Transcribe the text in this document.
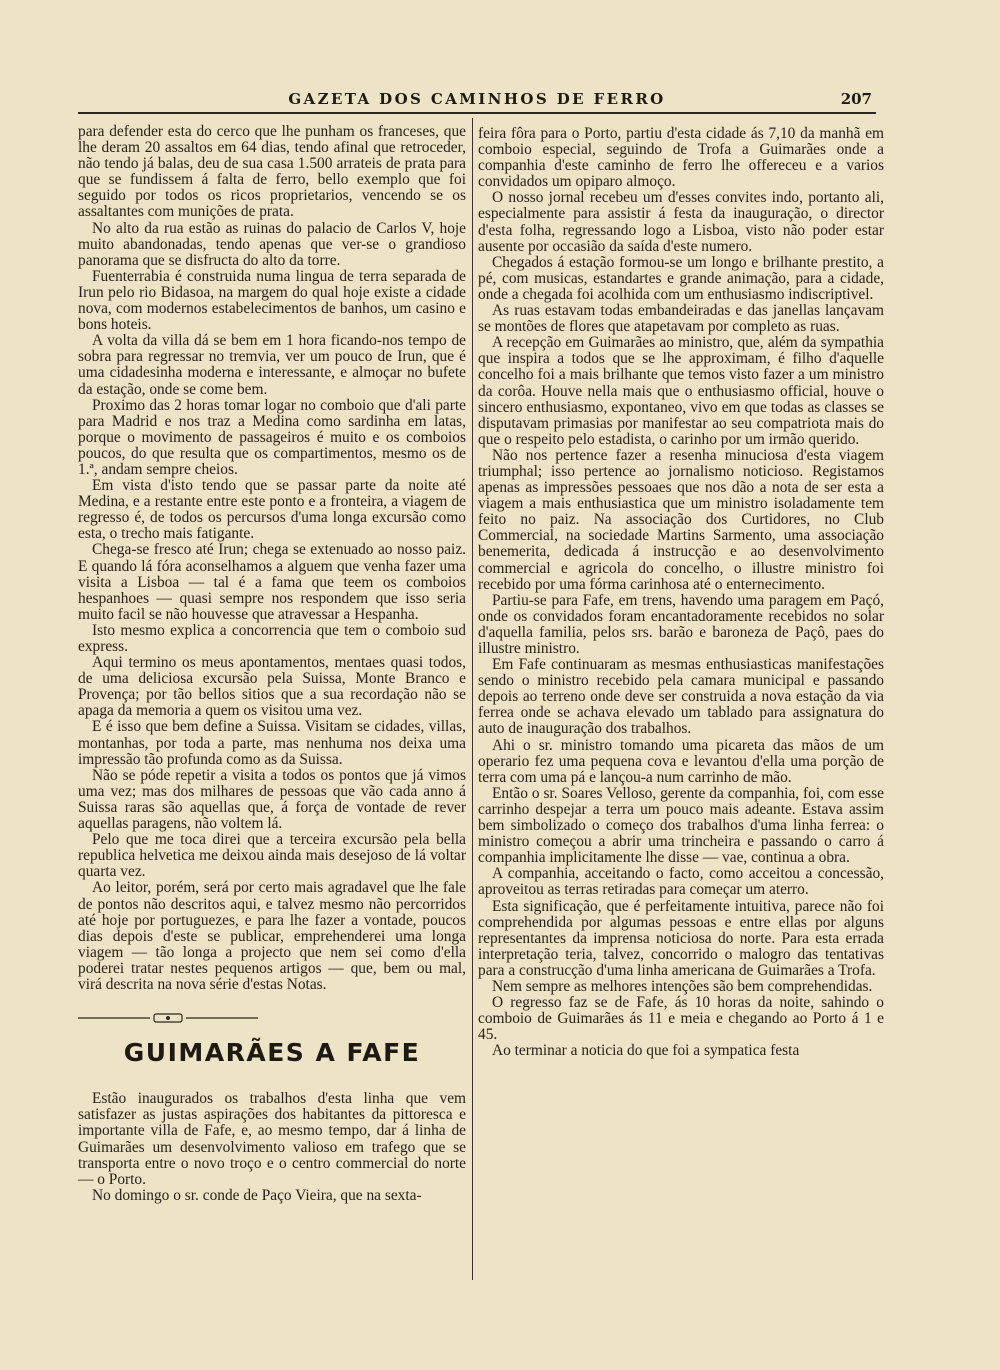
GAZETA DOS CAMINHOS DE FERRO	207

para defender esta do cerco que lhe punham os franceses, que lhe deram 20 assaltos em 64 dias, tendo afinal que retroceder, não tendo já balas, deu de sua casa 1.500 arrateis de prata para que se fundissem á falta de ferro, bello exemplo que foi seguido por todos os ricos proprietarios, vencendo se os assaltantes com munições de prata.

No alto da rua estão as ruinas do palacio de Carlos V, hoje muito abandonadas, tendo apenas que ver-se o grandioso panorama que se disfructa do alto da torre.

Fuenterrabia é construida numa lingua de terra separada de Irun pelo rio Bidasoa, na margem do qual hoje existe a cidade nova, com modernos estabelecimentos de banhos, um casino e bons hoteis.

A volta da villa dá se bem em 1 hora ficando-nos tempo de sobra para regressar no tremvia, ver um pouco de Irun, que é uma cidadesinha moderna e interessante, e almoçar no bufete da estação, onde se come bem.

Proximo das 2 horas tomar logar no comboio que d'ali parte para Madrid e nos traz a Medina como sardinha em latas, porque o movimento de passageiros é muito e os comboios poucos, do que resulta que os compartimentos, mesmo os de 1.ª, andam sempre cheios.

Em vista d'isto tendo que se passar parte da noite até Medina, e a restante entre este ponto e a fronteira, a viagem de regresso é, de todos os percursos d'uma longa excursão como esta, o trecho mais fatigante.

Chega-se fresco até Irun; chega se extenuado ao nosso paiz. E quando lá fóra aconselhamos a alguem que venha fazer uma visita a Lisboa — tal é a fama que teem os comboios hespanhoes — quasi sempre nos respondem que isso seria muito facil se não houvesse que atravessar a Hespanha.

Isto mesmo explica a concorrencia que tem o comboio sud express.

Aqui termino os meus apontamentos, mentaes quasi todos, de uma deliciosa excursão pela Suissa, Monte Branco e Provença; por tão bellos sitios que a sua recordação não se apaga da memoria a quem os visitou uma vez.

E é isso que bem define a Suissa. Visitam se cidades, villas, montanhas, por toda a parte, mas nenhuma nos deixa uma impressão tão profunda como as da Suissa.

Não se póde repetir a visita a todos os pontos que já vimos uma vez; mas dos milhares de pessoas que vão cada anno á Suissa raras são aquellas que, á força de vontade de rever aquellas paragens, não voltem lá.

Pelo que me toca direi que a terceira excursão pela bella republica helvetica me deixou ainda mais desejoso de lá voltar quarta vez.

Ao leitor, porém, será por certo mais agradavel que lhe fale de pontos não descritos aqui, e talvez mesmo não percorridos até hoje por portuguezes, e para lhe fazer a vontade, poucos dias depois d'este se publicar, emprehenderei uma longa viagem — tão longa a projecto que nem sei como d'ella poderei tratar nestes pequenos artigos — que, bem ou mal, virá descrita na nova série d'estas Notas.

GUIMARÃES A FAFE

Estão inaugurados os trabalhos d'esta linha que vem satisfazer as justas aspirações dos habitantes da pittoresca e importante villa de Fafe, e, ao mesmo tempo, dar á linha de Guimarães um desenvolvimento valioso em trafego que se transporta entre o novo troço e o centro commercial do norte — o Porto.

No domingo o sr. conde de Paço Vieira, que na sexta-

feira fôra para o Porto, partiu d'esta cidade ás 7,10 da manhã em comboio especial, seguindo de Trofa a Guimarães onde a companhia d'este caminho de ferro lhe offereceu e a varios convidados um opiparo almoço.

O nosso jornal recebeu um d'esses convites indo, portanto ali, especialmente para assistir á festa da inauguração, o director d'esta folha, regressando logo a Lisboa, visto não poder estar ausente por occasião da saída d'este numero.

Chegados á estação formou-se um longo e brilhante prestito, a pé, com musicas, estandartes e grande animação, para a cidade, onde a chegada foi acolhida com um enthusiasmo indiscriptivel.

As ruas estavam todas embandeiradas e das janellas lançavam se montões de flores que atapetavam por completo as ruas.

A recepção em Guimarães ao ministro, que, além da sympathia que inspira a todos que se lhe approximam, é filho d'aquelle concelho foi a mais brilhante que temos visto fazer a um ministro da corôa. Houve nella mais que o enthusiasmo official, houve o sincero enthusiasmo, expontaneo, vivo em que todas as classes se disputavam primasias por manifestar ao seu compatriota mais do que o respeito pelo estadista, o carinho por um irmão querido.

Não nos pertence fazer a resenha minuciosa d'esta viagem triumphal; isso pertence ao jornalismo noticioso. Registamos apenas as impressões pessoaes que nos dão a nota de ser esta a viagem a mais enthusiastica que um ministro isoladamente tem feito no paiz. Na associação dos Curtidores, no Club Commercial, na sociedade Martins Sarmento, uma associação benemerita, dedicada á instrucção e ao desenvolvimento commercial e agricola do concelho, o illustre ministro foi recebido por uma fórma carinhosa até o enternecimento.

Partiu-se para Fafe, em trens, havendo uma paragem em Paçó, onde os convidados foram encantadoramente recebidos no solar d'aquella familia, pelos srs. barão e baroneza de Paçô, paes do illustre ministro.

Em Fafe continuaram as mesmas enthusiasticas manifestações sendo o ministro recebido pela camara municipal e passando depois ao terreno onde deve ser construida a nova estação da via ferrea onde se achava elevado um tablado para assignatura do auto de inauguração dos trabalhos.

Ahi o sr. ministro tomando uma picareta das mãos de um operario fez uma pequena cova e levantou d'ella uma porção de terra com uma pá e lançou-a num carrinho de mão.

Então o sr. Soares Velloso, gerente da companhia, foi, com esse carrinho despejar a terra um pouco mais adeante. Estava assim bem simbolizado o começo dos trabalhos d'uma linha ferrea: o ministro começou a abrir uma trincheira e passando o carro á companhia implicitamente lhe disse — vae, continua a obra.

A companhia, acceitando o facto, como acceitou a concessão, aproveitou as terras retiradas para começar um aterro.

Esta significação, que é perfeitamente intuitiva, parece não foi comprehendida por algumas pessoas e entre ellas por alguns representantes da imprensa noticiosa do norte. Para esta errada interpretação teria, talvez, concorrido o malogro das tentativas para a construcção d'uma linha americana de Guimarães a Trofa.

Nem sempre as melhores intenções são bem comprehendidas.

O regresso faz se de Fafe, ás 10 horas da noite, sahindo o comboio de Guimarães ás 11 e meia e chegando ao Porto á 1 e 45.

Ao terminar a noticia do que foi a sympatica festa
